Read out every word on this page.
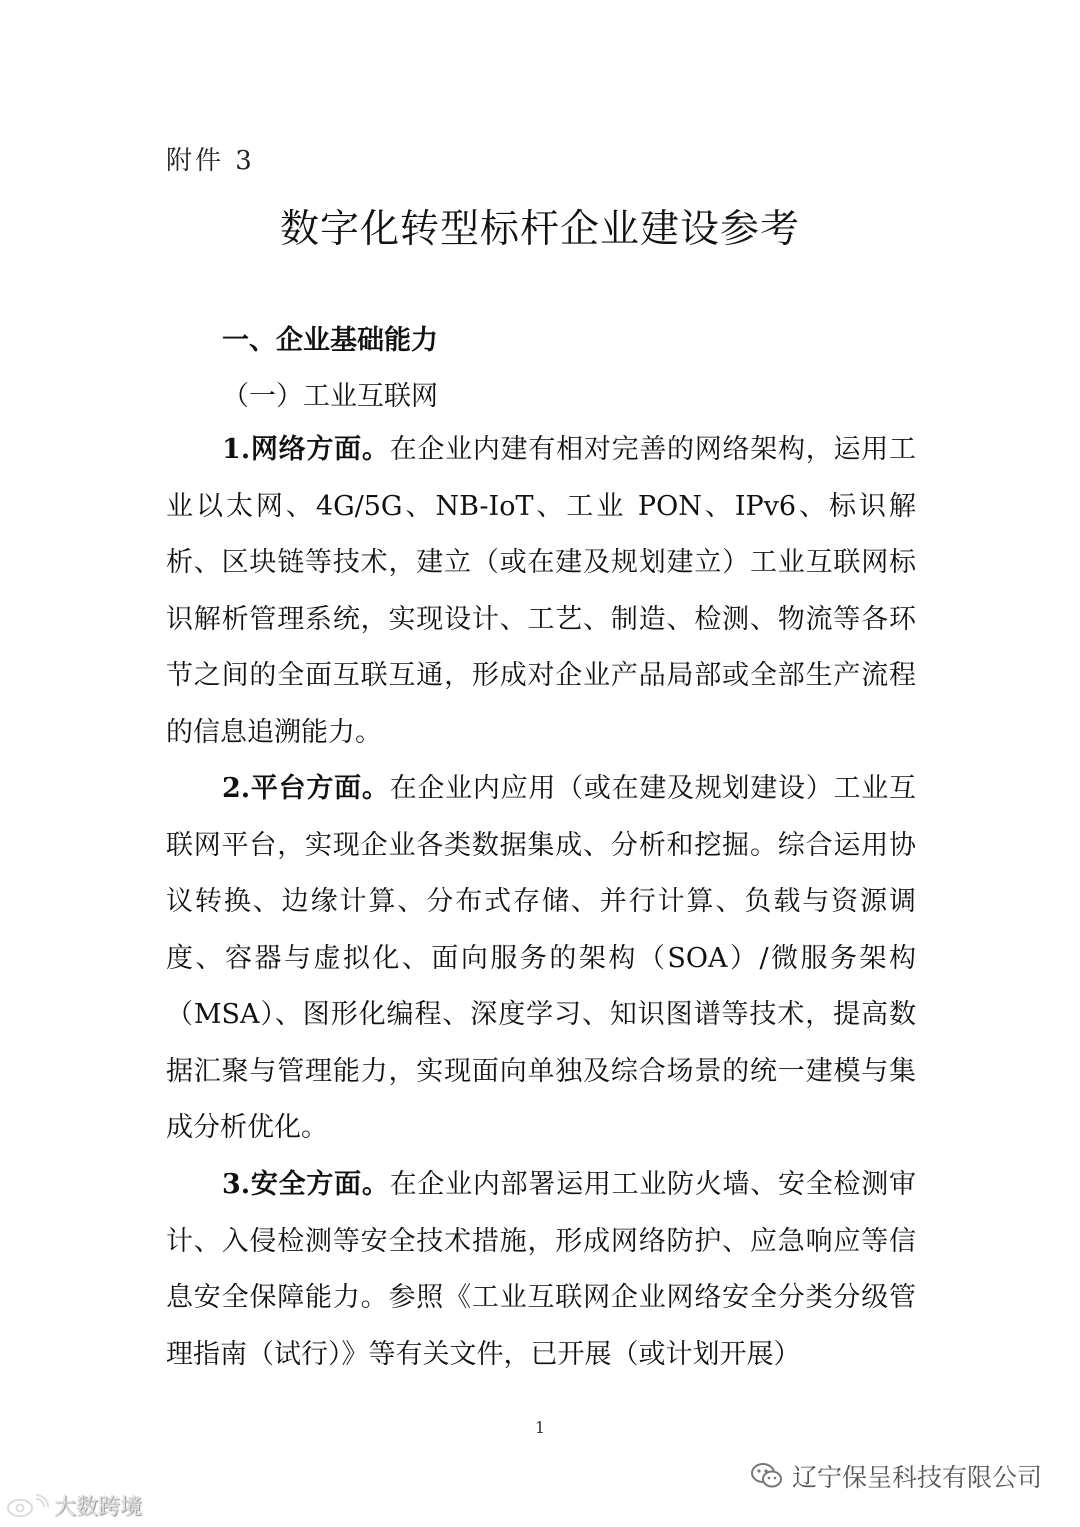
附件 3
数字化转型标杆企业建设参考
一、企业基础能力
（一）工业互联网

1.网络方面。在企业内建有相对完善的网络架构，运用工业以太网、4G/5G、NB-IoT、工业 PON、IPv6、标识解析、区块链等技术，建立（或在建及规划建立）工业互联网标识解析管理系统，实现设计、工艺、制造、检测、物流等各环节之间的全面互联互通，形成对企业产品局部或全部生产流程的信息追溯能力。

2.平台方面。在企业内应用（或在建及规划建设）工业互联网平台，实现企业各类数据集成、分析和挖掘。综合运用协议转换、边缘计算、分布式存储、并行计算、负载与资源调度、容器与虚拟化、面向服务的架构（SOA）/微服务架构（MSA）、图形化编程、深度学习、知识图谱等技术，提高数据汇聚与管理能力，实现面向单独及综合场景的统一建模与集成分析优化。

3.安全方面。在企业内部署运用工业防火墙、安全检测审计、入侵检测等安全技术措施，形成网络防护、应急响应等信息安全保障能力。参照《工业互联网企业网络安全分类分级管理指南（试行）》等有关文件，已开展（或计划开展）

1
辽宁保呈科技有限公司
大数跨境
